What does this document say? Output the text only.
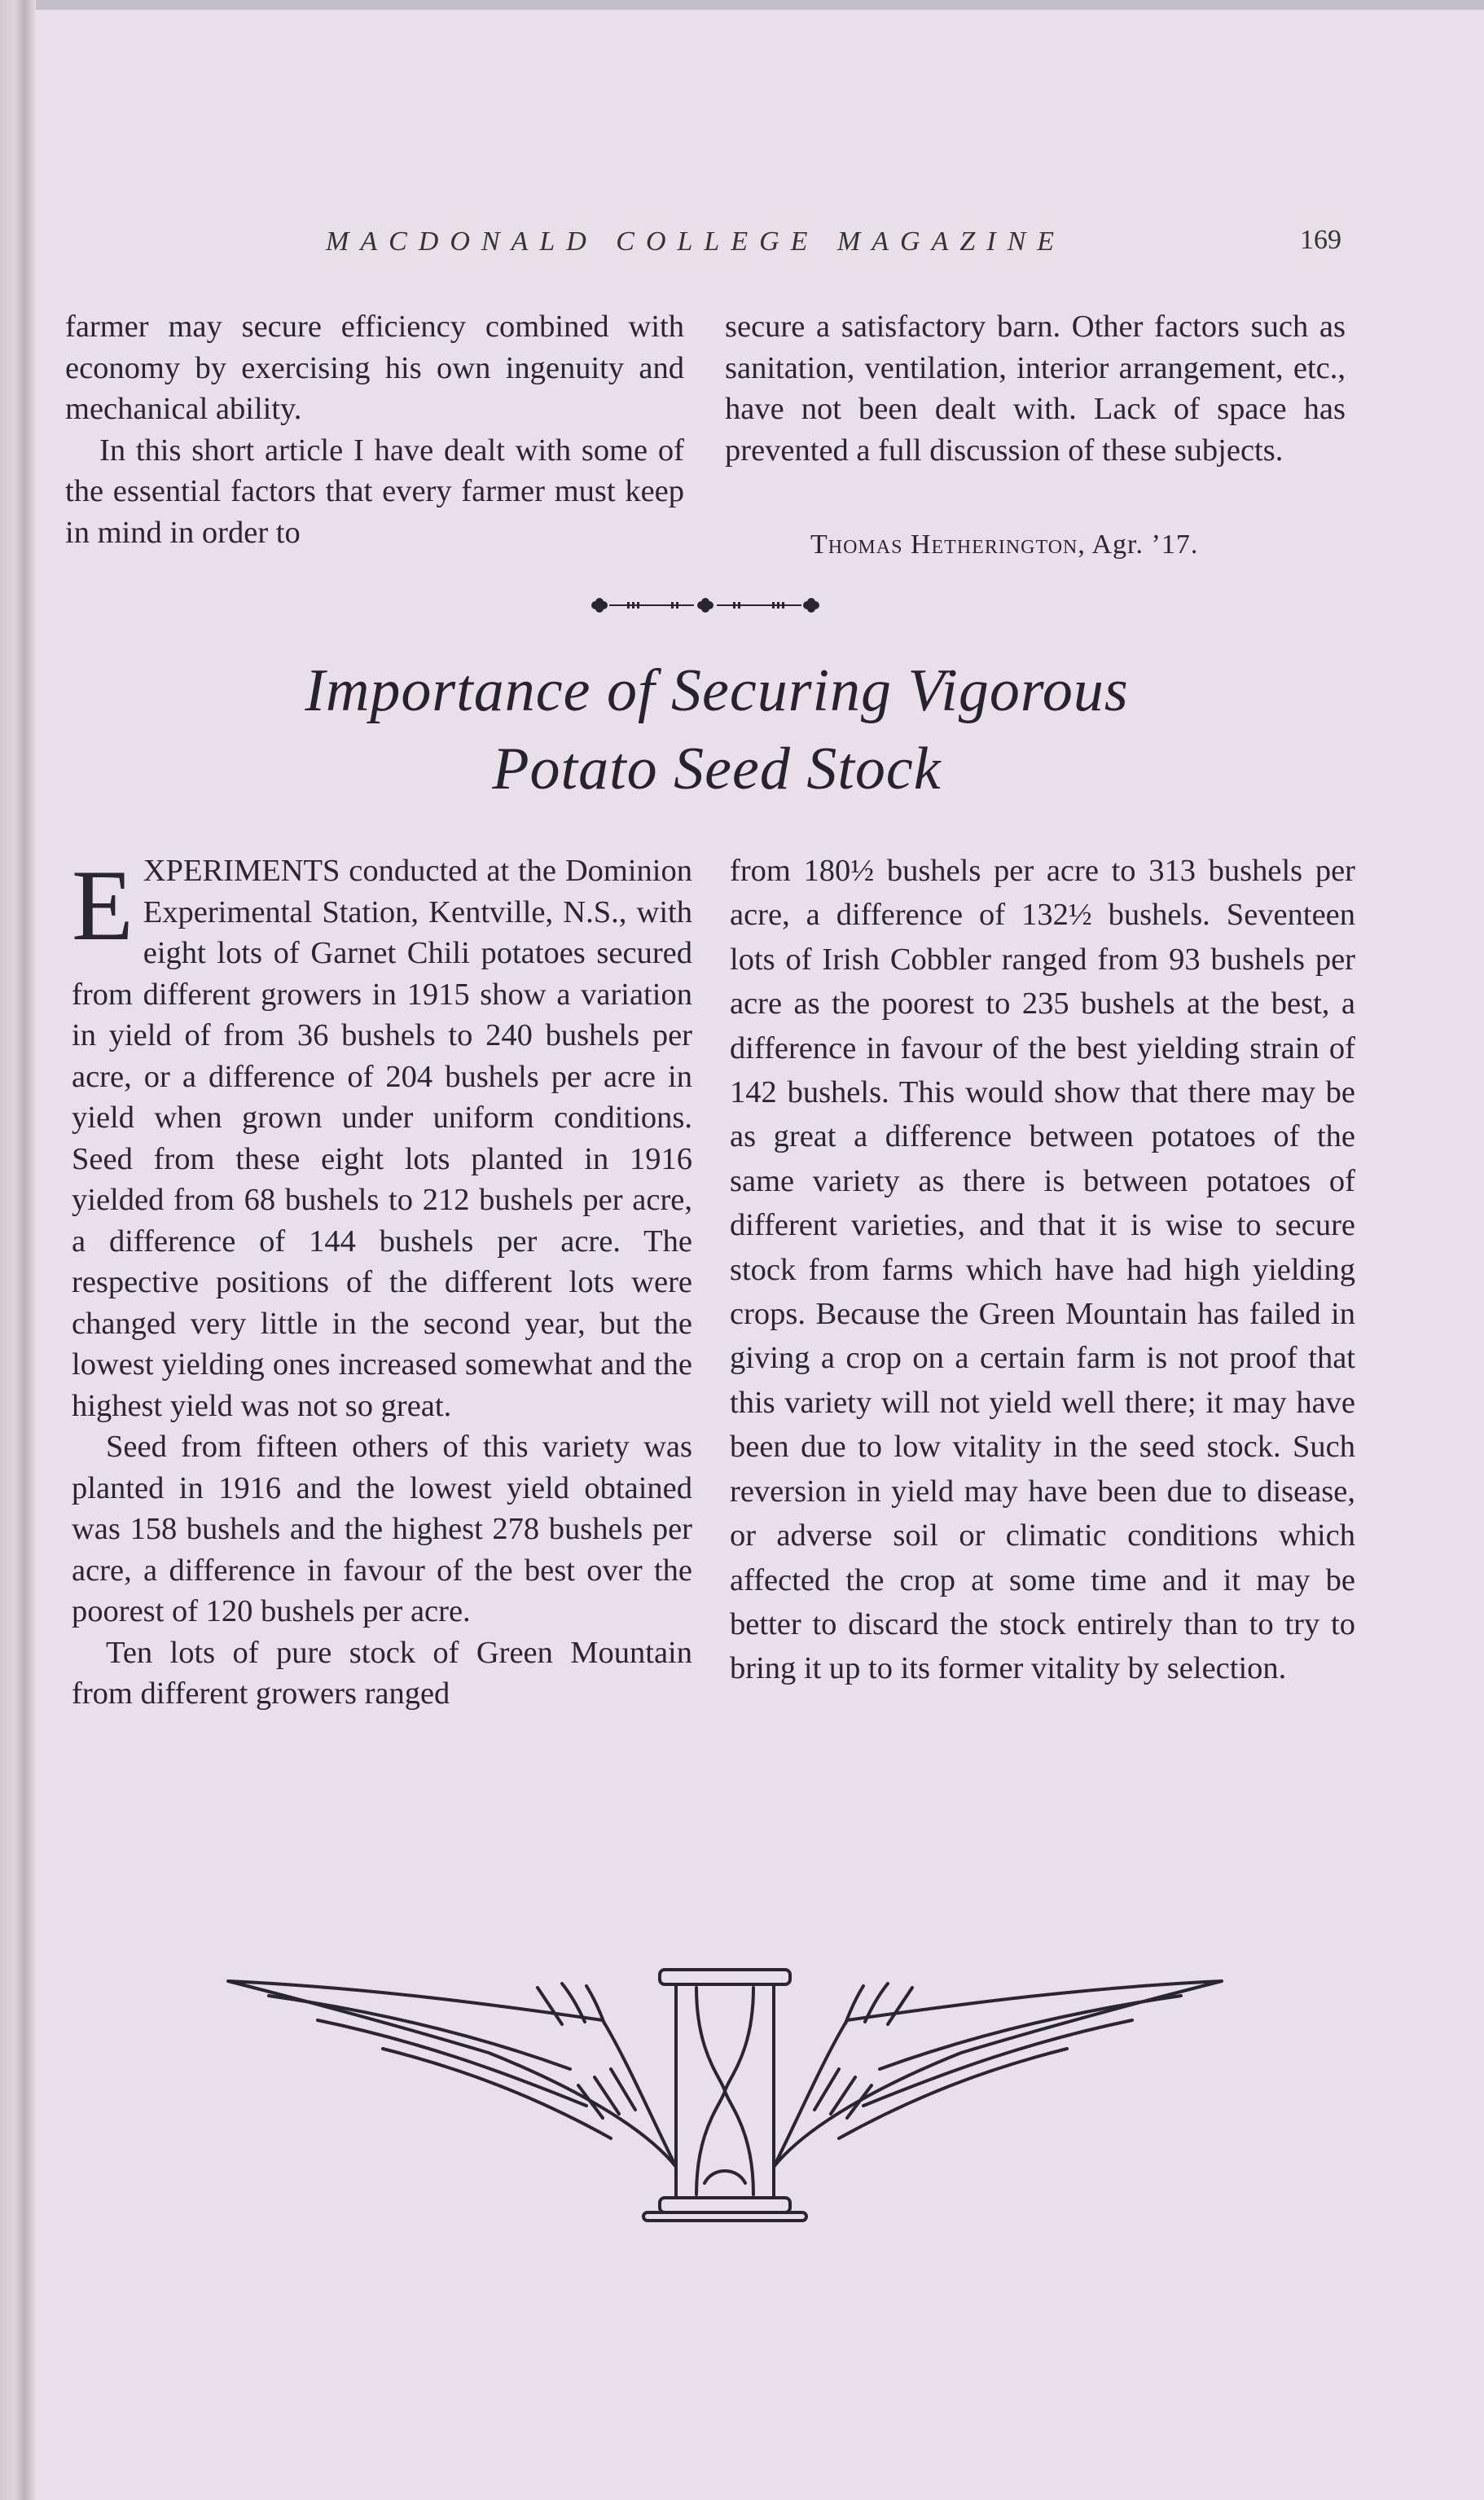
MACDONALD COLLEGE MAGAZINE	169

farmer may secure efficiency combined with economy by exercising his own ingenuity and mechanical ability.

In this short article I have dealt with some of the essential factors that every farmer must keep in mind in order to

secure a satisfactory barn. Other factors such as sanitation, ventilation, interior arrangement, etc., have not been dealt with. Lack of space has prevented a full discussion of these subjects.

Thomas Hetherington, Agr. ’17.
Importance of Securing Vigorous
Potato Seed Stock

EXPERIMENTS conducted at the Dominion Experimental Station, Kentville, N.S., with eight lots of Garnet Chili potatoes secured from different growers in 1915 show a variation in yield of from 36 bushels to 240 bushels per acre, or a difference of 204 bushels per acre in yield when grown under uniform conditions. Seed from these eight lots planted in 1916 yielded from 68 bushels to 212 bushels per acre, a difference of 144 bushels per acre. The respective positions of the different lots were changed very little in the second year, but the lowest yielding ones increased somewhat and the highest yield was not so great.

Seed from fifteen others of this variety was planted in 1916 and the lowest yield obtained was 158 bushels and the highest 278 bushels per acre, a difference in favour of the best over the poorest of 120 bushels per acre.

Ten lots of pure stock of Green Mountain from different growers ranged

from 180½ bushels per acre to 313 bushels per acre, a difference of 132½ bushels. Seventeen lots of Irish Cobbler ranged from 93 bushels per acre as the poorest to 235 bushels at the best, a difference in favour of the best yielding strain of 142 bushels. This would show that there may be as great a difference between potatoes of the same variety as there is between potatoes of different varieties, and that it is wise to secure stock from farms which have had high yielding crops. Because the Green Mountain has failed in giving a crop on a certain farm is not proof that this variety will not yield well there; it may have been due to low vitality in the seed stock. Such reversion in yield may have been due to disease, or adverse soil or climatic conditions which affected the crop at some time and it may be better to discard the stock entirely than to try to bring it up to its former vitality by selection.
